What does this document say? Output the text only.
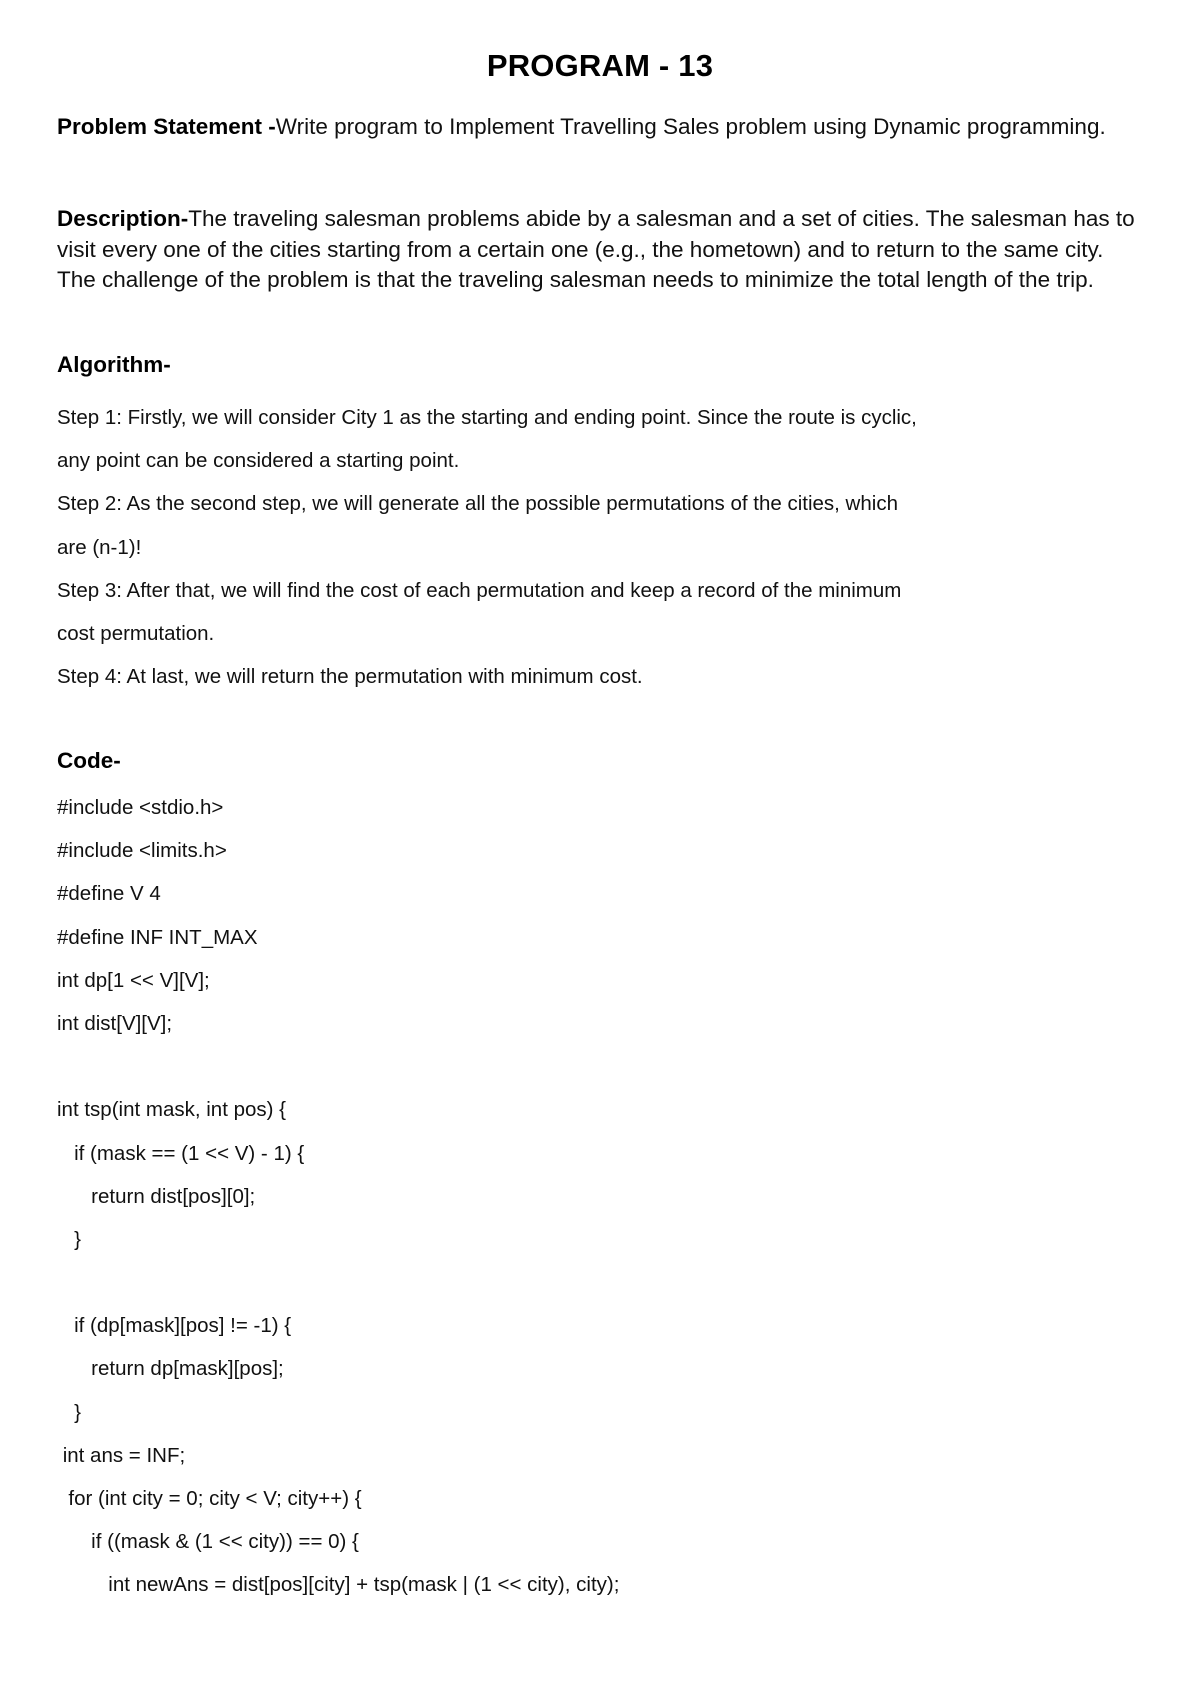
PROGRAM - 13
Problem Statement -Write program to Implement Travelling Sales problem using Dynamic programming.
Description-The traveling salesman problems abide by a salesman and a set of cities. The salesman has to visit every one of the cities starting from a certain one (e.g., the hometown) and to return to the same city. The challenge of the problem is that the traveling salesman needs to minimize the total length of the trip.
Algorithm-
Step 1: Firstly, we will consider City 1 as the starting and ending point. Since the route is cyclic,
any point can be considered a starting point.
Step 2: As the second step, we will generate all the possible permutations of the cities, which
are (n-1)!
Step 3: After that, we will find the cost of each permutation and keep a record of the minimum
cost permutation.
Step 4: At last, we will return the permutation with minimum cost.
Code-
#include <stdio.h>
#include <limits.h>
#define V 4
#define INF INT_MAX
int dp[1 << V][V];
int dist[V][V];
int tsp(int mask, int pos) {
if (mask == (1 << V) - 1) {
return dist[pos][0];
}
if (dp[mask][pos] != -1) {
return dp[mask][pos];
}
int ans = INF;
for (int city = 0; city < V; city++) {
if ((mask & (1 << city)) == 0) {
int newAns = dist[pos][city] + tsp(mask | (1 << city), city);
